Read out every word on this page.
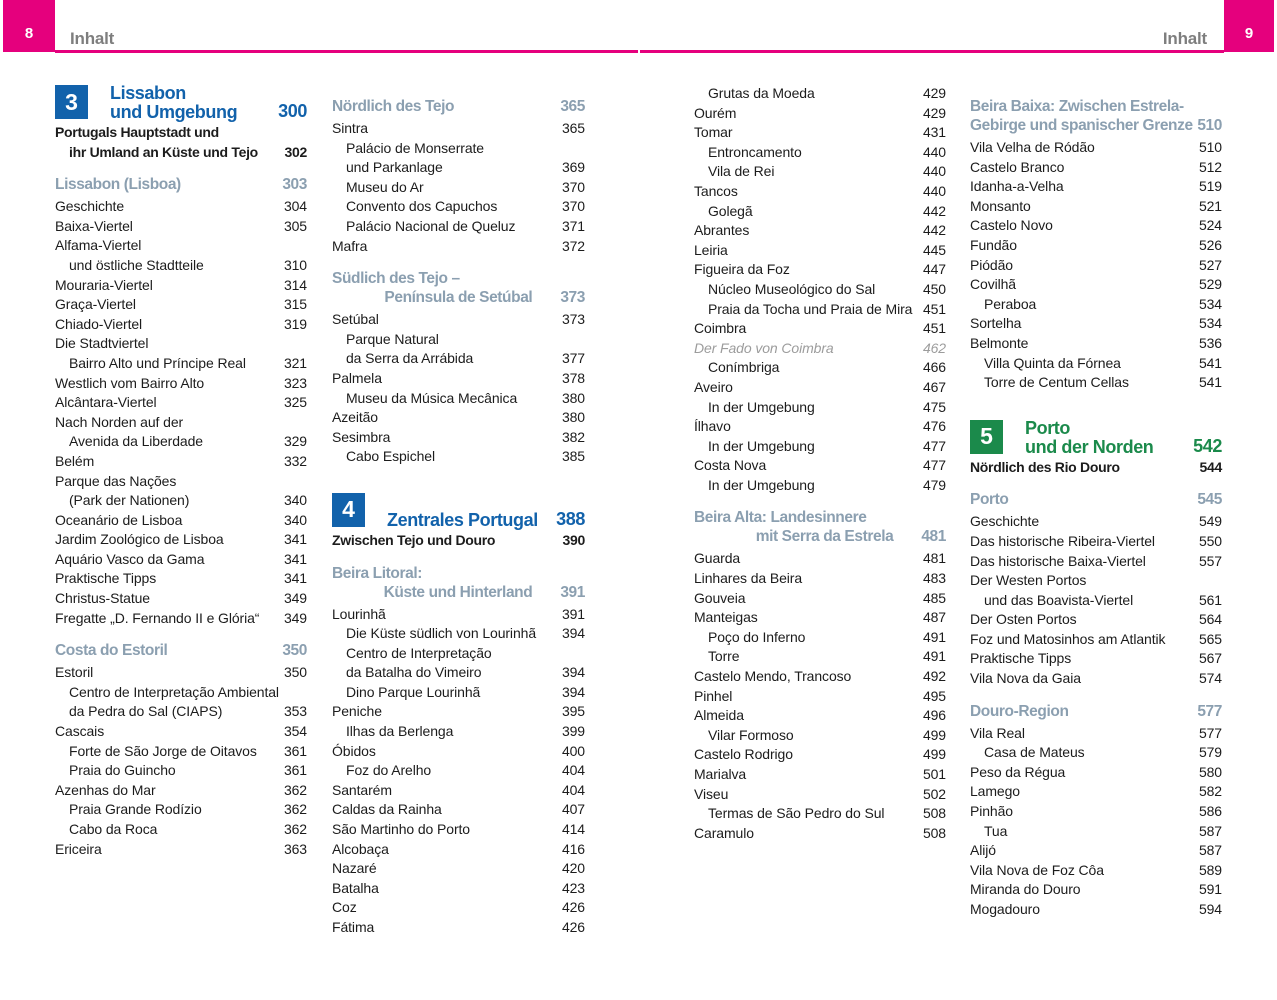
8 Inhalt
3 Lissabon
und Umgebung 300
Portugals Hauptstadt und
ihr Umland an Küste und Tejo	302
Lissabon (Lisboa)	303
Geschichte	304
Baixa-Viertel	305
Alfama-Viertel
und östliche Stadtteile	310
Mouraria-Viertel	314
Graça-Viertel	315
Chiado-Viertel	319
Die Stadtviertel
Bairro Alto und Príncipe Real	321
Westlich vom Bairro Alto	323
Alcântara-Viertel	325
Nach Norden auf der
Avenida da Liberdade	329
Belém	332
Parque das Nações
(Park der Nationen)	340
Oceanário de Lisboa	340
Jardim Zoológico de Lisboa	341
Aquário Vasco da Gama	341
Praktische Tipps	341
Christus-Statue	349
Fregatte „D. Fernando II e Glória“	349
Costa do Estoril	350
Estoril	350
Centro de Interpretação Ambiental
da Pedra do Sal (CIAPS)	353
Cascais	354
Forte de São Jorge de Oitavos	361
Praia do Guincho	361
Azenhas do Mar	362
Praia Grande Rodízio	362
Cabo da Roca	362
Ericeira	363
Nördlich des Tejo	365
Sintra	365
Palácio de Monserrate
und Parkanlage	369
Museu do Ar	370
Convento dos Capuchos	370
Palácio Nacional de Queluz	371
Mafra	372
Südlich des Tejo –
Península de Setúbal	373
Setúbal	373
Parque Natural
da Serra da Arrábida	377
Palmela	378
Museu da Música Mecânica	380
Azeitão	380
Sesimbra	382
Cabo Espichel	385
4 Zentrales Portugal 388
Zwischen Tejo und Douro	390
Beira Litoral:
Küste und Hinterland	391
Lourinhã	391
Die Küste südlich von Lourinhã	394
Centro de Interpretação
da Batalha do Vimeiro	394
Dino Parque Lourinhã	394
Peniche	395
Ilhas da Berlenga	399
Óbidos	400
Foz do Arelho	404
Santarém	404
Caldas da Rainha	407
São Martinho do Porto	414
Alcobaça	416
Nazaré	420
Batalha	423
Coz	426
Fátima	426
9
Inhalt
Grutas da Moeda	429
Ourém	429
Tomar	431
Entroncamento	440
Vila de Rei	440
Tancos	440
Golegã	442
Abrantes	442
Leiria	445
Figueira da Foz	447
Núcleo Museológico do Sal	450
Praia da Tocha und Praia de Mira 451
Coimbra	451
Der Fado von Coimbra	462
Conímbriga	466
Aveiro	467
In der Umgebung	475
Ílhavo	476
In der Umgebung	477
Costa Nova	477
In der Umgebung	479
Beira Alta: Landesinnere
mit Serra da Estrela	481
Guarda	481
Linhares da Beira	483
Gouveia	485
Manteigas	487
Poço do Inferno	491
Torre	491
Castelo Mendo, Trancoso	492
Pinhel	495
Almeida	496
Vilar Formoso	499
Castelo Rodrigo	499
Marialva	501
Viseu	502
Termas de São Pedro do Sul	508
Caramulo	508
Beira Baixa: Zwischen Estrela-
Gebirge und spanischer Grenze 510
Vila Velha de Ródão	510
Castelo Branco	512
Idanha-a-Velha	519
Monsanto	521
Castelo Novo	524
Fundão	526
Piódão	527
Covilhã	529
Peraboa	534
Sortelha	534
Belmonte	536
Villa Quinta da Fórnea	541
Torre de Centum Cellas	541
5 Porto
und der Norden 542
Nördlich des Rio Douro	544
Porto	545
Geschichte	549
Das historische Ribeira-Viertel	550
Das historische Baixa-Viertel	557
Der Westen Portos
und das Boavista-Viertel	561
Der Osten Portos	564
Foz und Matosinhos am Atlantik	565
Praktische Tipps	567
Vila Nova da Gaia	574
Douro-Region	577
Vila Real	577
Casa de Mateus	579
Peso da Régua	580
Lamego	582
Pinhão	586
Tua	587
Alijó	587
Vila Nova de Foz Côa	589
Miranda do Douro	591
Mogadouro	594
